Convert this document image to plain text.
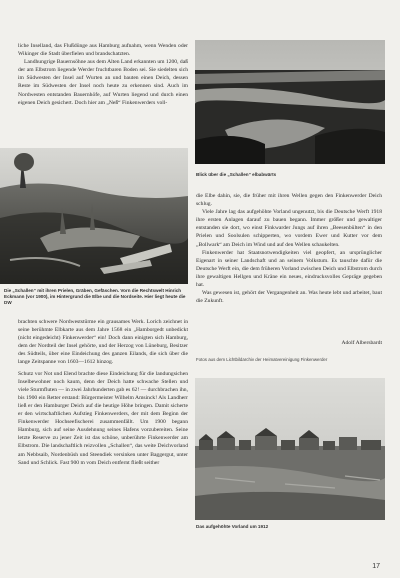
liche Inselland, das Flußdünge aus Hamburg aufnahm, wenn Wenden oder Wikinger die Stadt überfielen und brandschatzten.

Landhungrige Bauernsöhne aus dem Alten Land erkannten um 1200, daß der am Elbstrom liegende Werder fruchtbaren Boden sei. Sie siedelten sich im Südwesten der Insel auf Wurten an und bauten einen Deich, dessen Reste im Südwesten der Insel noch heute zu erkennen sind. Auch im Nordwesten entstanden Bauernhöfe, auf Wurten liegend und durch einen eigenen Deich gesichert. Doch hier am „Neß“ Finkenwerders voll-

Die „Schallen“ mit ihren Prielen, Gräben, Gefäschen. Vorn die Rechtswelt Hinrich Eckmann (vor 1900), im Hintergrund die Elbe und die Nordseite. Hier liegt heute die DW

brachten schwere Nordweststürme ein grausames Werk. Lorich zeichnet in seine berühmte Elbkarte aus dem Jahre 1568 ein „Hamborgedt unbedickt (nicht eingedeicht) Finkenwerder“ ein! Doch dann einigten sich Hamburg, dem der Nordteil der Insel gehörte, und der Herzog von Lüneburg, Besitzer des Südteils, über eine Eindeichung des ganzen Eilands, die sich über die lange Zeitspanne von 1603—1612 hinzog.

Schutz vor Not und Elend brachte diese Eindeichung für die landungsichen Inselbewohner noch kaum, denn der Deich hatte schwache Stellen und viele Sturmfluten — in zwei Jahrhunderten gab es 62! — durchbrachen ihn, bis 1900 ein Retter erstand: Bürgermeister Wilhelm Amsinck! Als Landherr ließ er den Hamburger Deich auf die heutige Höhe bringen. Damit sicherte er den wirtschaftlichen Aufstieg Finkenwerders, der mit dem Beginn der Finkenwerder Hochseefischerei zusammenfällt. Um 1900 begann Hamburg, sich auf seine Ausdehnung seines Hafens vorzubereiten. Seine letzte Reserve zu jener Zeit ist das schöne, unberührte Finkenwerder am Elbstrom. Die landschaftlich reizvollen „Schallen“, das weite Deichvorland am Nebbsaib, Nordenbüsh und Steendiek versinken unter Baggergut, unter Sand und Schlick. Fast 900 m vom Deich entfernt fließt seither

Blick über die „Schallen“ elbabwärts

die Elbe dahin, sie, die früher mit ihren Wellen gegen den Finkenwerder Deich schlug.

Viele Jahre lag das aufgehöhte Vorland ungenutzt, bis die Deutsche Werft 1918 ihre ersten Anlagen darauf zu bauen begann. Immer größer und gewaltiger entstanden sie dort, wo einst Finkwarder Jungs auf ihren „Beesenbülten“ in den Prielen und Soolsulen schipperten, wo vordem Ewer und Kutter vor dem „Bollwark“ am Deich im Wind und auf den Wellen schaukelten.

Finkenwerder hat Staatsnotwendigkeiten viel geopfert, an ursprünglicher Eigenart in seiner Landschaft und an seinem Volkstum. Es tauschte dafür die Deutsche Werft ein, die dem früheren Vorland zwischen Deich und Elbstrom durch ihre gewaltigen Hellgen und Kräne ein neues, eindrucksvolles Gepräge gegeben hat.

Was gewesen ist, gehört der Vergangenheit an. Was heute lebt und arbeitet, baut die Zukunft.

Adolf Albersbardt
Fotos aus dem Lichtbildarchiv der Heimatvereinigung Finkenwerder
Das aufgehöhte Vorland um 1912
17
